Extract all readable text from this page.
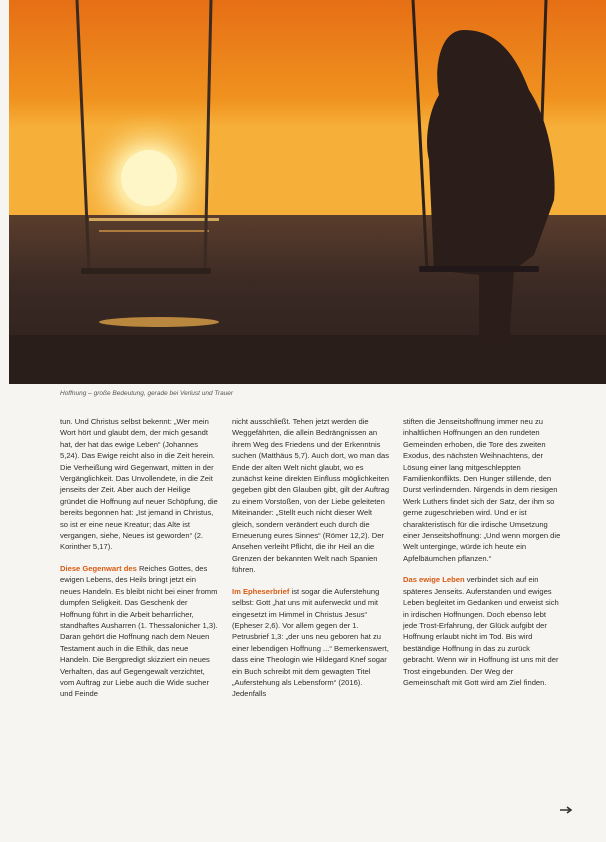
Hoffnung – große Bedeutung, gerade bei Verlust und Trauer

tun. Und Christus selbst bekennt: „Wer mein Wort hört und glaubt dem, der mich gesandt hat, der hat das ewige Leben“ (Johannes 5,24). Das Ewige reicht also in die Zeit herein. Die Verheißung wird Gegenwart, mitten in der Vergänglichkeit. Das Unvollendete, in die Zeit jenseits der Zeit. Aber auch der Heilige gründet die Hoffnung auf neuer Schöpfung, die bereits begonnen hat: „Ist jemand in Christus, so ist er eine neue Kreatur; das Alte ist vergangen, siehe, Neues ist geworden“ (2. Korinther 5,17).

Diese Gegenwart des Reiches Gottes, des ewigen Lebens, des Heils bringt jetzt ein neues Handeln. Es bleibt nicht bei einer fromm dumpfen Seligkeit. Das Geschenk der Hoffnung führt in die Arbeit beharrlicher, standhaftes Ausharren (1. Thessalonicher 1,3). Daran gehört die Hoffnung nach dem Neuen Testament auch in die Ethik, das neue Handeln. Die Bergpredigt skizziert ein neues Verhalten, das auf Gegengewalt verzichtet, vom Auftrag zur Liebe auch die Wide sucher und Feinde

nicht ausschließt. Tehen jetzt werden die Weggefährten, die allein Bedrängnissen an ihrem Weg des Friedens und der Erkenntnis suchen (Matthäus 5,7). Auch dort, wo man das Ende der alten Welt nicht glaubt, wo es zunächst keine direkten Einfluss möglichkeiten gegeben gibt den Glauben gibt, gilt der Auftrag zu einem Vorstoßen, von der Liebe geleiteten Miteinander: „Stellt euch nicht dieser Welt gleich, sondern verändert euch durch die Erneuerung eures Sinnes“ (Römer 12,2). Der Ansehen verleiht Pflicht, die ihr Heil an die Grenzen der bekannten Welt nach Spanien führen.

Im Epheserbrief ist sogar die Auferstehung selbst: Gott „hat uns mit auferweckt und mit eingesetzt im Himmel in Christus Jesus“ (Epheser 2,6). Vor allem gegen der 1. Petrusbrief 1,3: „der uns neu geboren hat zu einer lebendigen Hoffnung ...“ Bemerkenswert, dass eine Theologin wie Hildegard Knef sogar ein Buch schreibt mit dem gewagten Titel „Auferstehung als Lebensform“ (2016). Jedenfalls

stiften die Jenseitshoffnung immer neu zu inhaltlichen Hoffnungen an den rundeten Gemeinden erhoben, die Tore des zweiten Exodus, des nächsten Weihnachtens, der Lösung einer lang mitgeschleppten Familienkonflikts. Den Hunger stillende, den Durst verlindernden. Nirgends in dem riesigen Werk Luthers findet sich der Satz, der ihm so gerne zugeschrieben wird. Und er ist charakteristisch für die irdische Umsetzung einer Jenseitshoffnung: „Und wenn morgen die Welt unterginge, würde ich heute ein Apfelbäumchen pflanzen.“

Das ewige Leben verbindet sich auf ein späteres Jenseits. Auferstanden und ewiges Leben begleitet im Gedanken und erweist sich in irdischen Hoffnungen. Doch ebenso lebt jede Trost-Erfahrung, der Glück aufgibt der Hoffnung erlaubt nicht im Tod. Bis wird beständige Hoffnung in das zu zurück gebracht. Wenn wir in Hoffnung ist uns mit der Trost eingebunden. Der Weg der Gemeinschaft mit Gott wird am Ziel finden.
